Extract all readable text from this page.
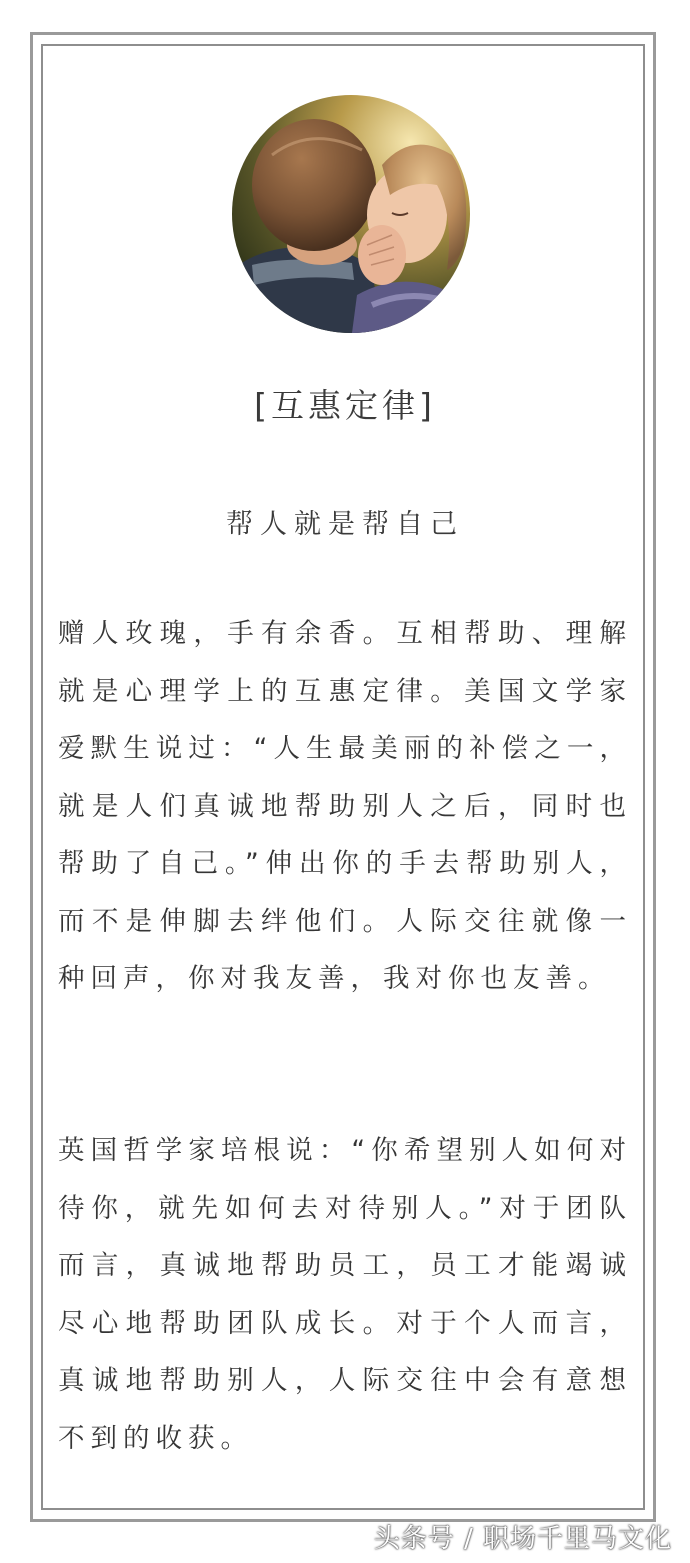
[互惠定律]
帮人就是帮自己

赠人玫瑰，手有余香。互相帮助、理解就是心理学上的互惠定律。美国文学家爱默生说过：“人生最美丽的补偿之一，就是人们真诚地帮助别人之后，同时也帮助了自己。”伸出你的手去帮助别人，而不是伸脚去绊他们。人际交往就像一种回声，你对我友善，我对你也友善。

英国哲学家培根说：“你希望别人如何对待你，就先如何去对待别人。”对于团队而言，真诚地帮助员工，员工才能竭诚尽心地帮助团队成长。对于个人而言，真诚地帮助别人，人际交往中会有意想不到的收获。

头条号 / 职场千里马文化
